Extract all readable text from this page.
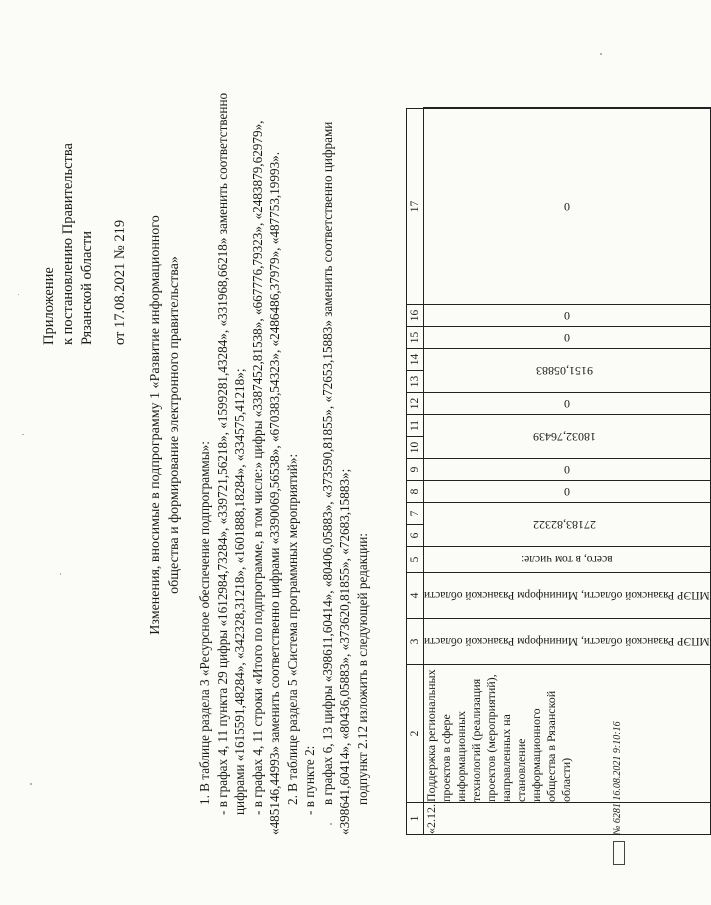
Приложение к постановлению Правительства Рязанской области от 17.08.2021 № 219 Изменения, вносимые в подпрограмму 1 «Развитие информационного общества и формирование электронного правительства»

1. В таблице раздела 3 «Ресурсное обеспечение подпрограммы»: - в графах 4, 11 пункта 29 цифры «1612984,73284», «339721,56218», «1599281,43284», «331968,66218» заменить соответственно цифрами «1615591,48284», «342328,31218», «1601888,18284», «334575,41218»; - в графах 4, 11 строки «Итого по подпрограмме, в том числе:» цифры «3387452,81538», «667776,79323», «2483879,62979», «485146,44993» заменить соответственно цифрами «3390069,56538», «670383,54323», «2486486,37979», «487753,19993». 2. В таблице раздела 5 «Система программных мероприятий»: - в пункте 2: в графах 6, 13 цифры «398611,60414», «80406,05883», «373590,81855», «72653,15883» заменить соответственно цифрами «398641,60414», «80436,05883», «373620,81855», «72683,15883»; подпункт 2.12 изложить в следующей редакции:

1	2	3	4	5	6	7	8	9	10	11	12	13	14	15	16	17	
«2.12.	Поддержка региональных проектов в сфере информационных технологий (реализация проектов (мероприятий), направленных на становление информационного общества в Рязанской области)	МПЭР Рязанской области, Мининформ Рязанской области	МПЭР Рязанской области, Мининформ Рязанской области	всего, в том числе:	27183,82322		0	0	18032,76439		0	9151,05883		0	0	0	
№ 6281 16.08.2021 9:10:16
